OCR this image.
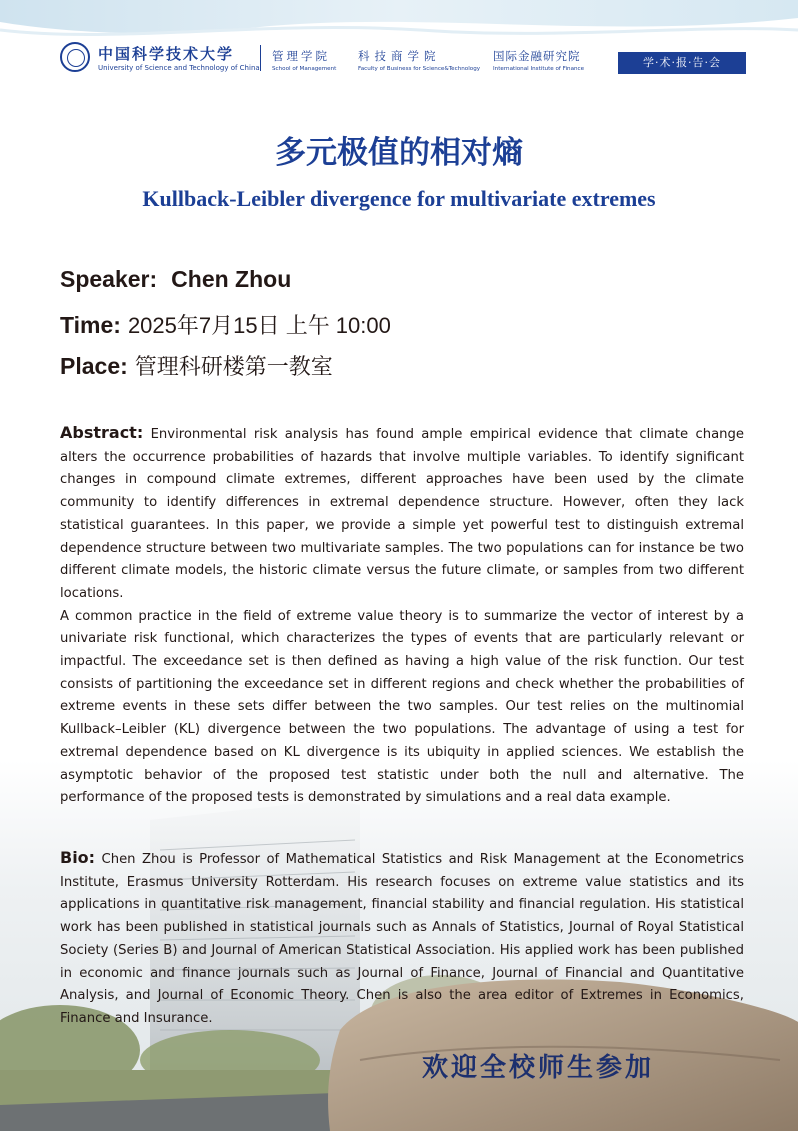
中国科学技术大学
University of Science and Technology of China
管理学院
School of Management
科技商学院
Faculty of Business for Science&Technology
国际金融研究院
International Institute of Finance	学·术·报·告·会
多元极值的相对熵
Kullback-Leibler divergence for multivariate extremes
Speaker: Chen Zhou
Time: 2025年7月15日 上午 10:00
Place: 管理科研楼第一教室

Abstract: Environmental risk analysis has found ample empirical evidence that climate change alters the occurrence probabilities of hazards that involve multiple variables. To identify significant changes in compound climate extremes, different approaches have been used by the climate community to identify differences in extremal dependence structure. However, often they lack statistical guarantees. In this paper, we provide a simple yet powerful test to distinguish extremal dependence structure between two multivariate samples. The two populations can for instance be two different climate models, the historic climate versus the future climate, or samples from two different locations.

A common practice in the field of extreme value theory is to summarize the vector of interest by a univariate risk functional, which characterizes the types of events that are particularly relevant or impactful. The exceedance set is then defined as having a high value of the risk function. Our test consists of partitioning the exceedance set in different regions and check whether the probabilities of extreme events in these sets differ between the two samples. Our test relies on the multinomial Kullback–Leibler (KL) divergence between the two populations. The advantage of using a test for extremal dependence based on KL divergence is its ubiquity in applied sciences. We establish the asymptotic behavior of the proposed test statistic under both the null and alternative. The performance of the proposed tests is demonstrated by simulations and a real data example.

Bio: Chen Zhou is Professor of Mathematical Statistics and Risk Management at the Econometrics Institute, Erasmus University Rotterdam. His research focuses on extreme value statistics and its applications in quantitative risk management, financial stability and financial regulation. His statistical work has been published in statistical journals such as Annals of Statistics, Journal of Royal Statistical Society (Series B) and Journal of American Statistical Association. His applied work has been published in economic and finance journals such as Journal of Finance, Journal of Financial and Quantitative Analysis, and Journal of Economic Theory. Chen is also the area editor of Extremes in Economics, Finance and Insurance.
欢迎全校师生参加
